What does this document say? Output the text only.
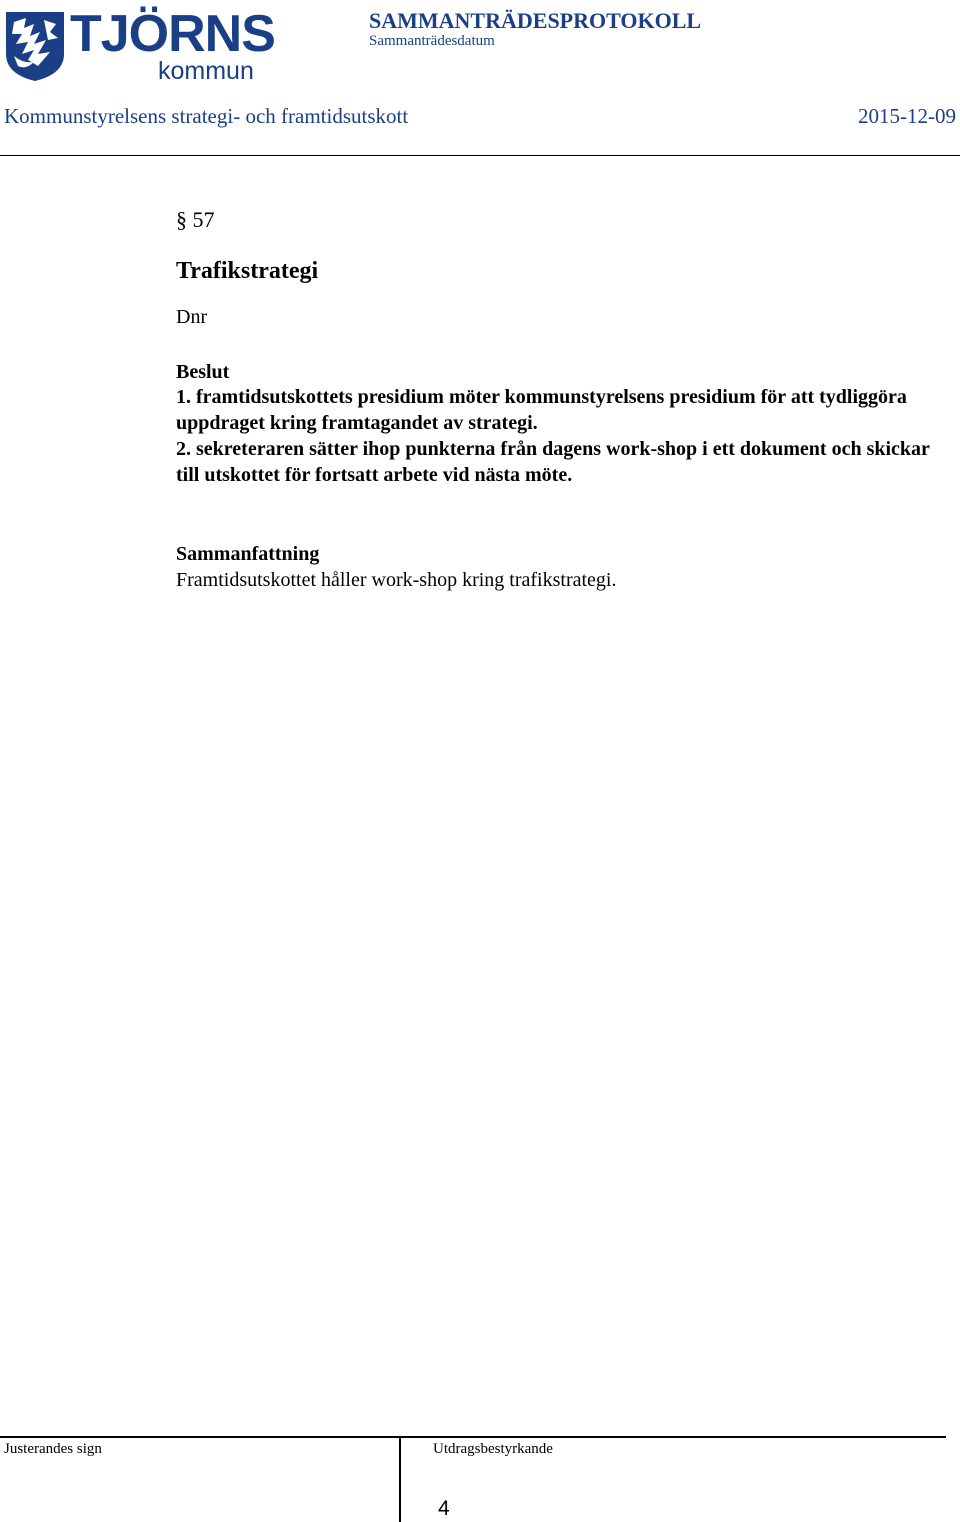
TJÖRNS
kommun
SAMMANTRÄDESPROTOKOLL
Sammanträdesdatum
Kommunstyrelsens strategi- och framtidsutskott	2015-12-09

§ 57

Trafikstrategi

Dnr

Beslut

1. framtidsutskottets presidium möter kommunstyrelsens presidium för att tydliggöra uppdraget kring framtagandet av strategi.

2. sekreteraren sätter ihop punkterna från dagens work-shop i ett dokument och skickar till utskottet för fortsatt arbete vid nästa möte.

Sammanfattning

Framtidsutskottet håller work-shop kring trafikstrategi.

Justerandes sign	Utdragsbestyrkande
4
